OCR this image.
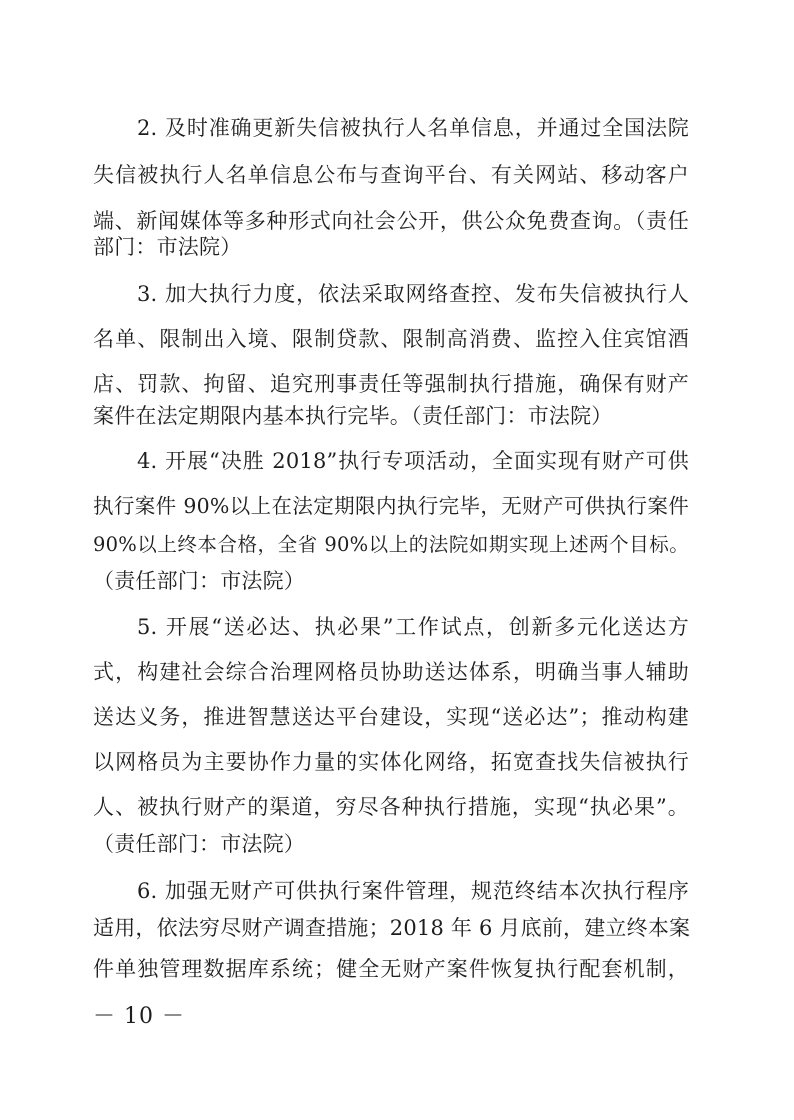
2. 及时准确更新失信被执行人名单信息，并通过全国法院
失信被执行人名单信息公布与查询平台、有关网站、移动客户
端、新闻媒体等多种形式向社会公开，供公众免费查询。（责任
部门：市法院）
3. 加大执行力度，依法采取网络查控、发布失信被执行人
名单、限制出入境、限制贷款、限制高消费、监控入住宾馆酒
店、罚款、拘留、追究刑事责任等强制执行措施，确保有财产
案件在法定期限内基本执行完毕。（责任部门：市法院）
4. 开展“决胜 2018”执行专项活动，全面实现有财产可供
执行案件 90%以上在法定期限内执行完毕，无财产可供执行案件
90%以上终本合格，全省 90%以上的法院如期实现上述两个目标。
（责任部门：市法院）
5. 开展“送必达、执必果”工作试点，创新多元化送达方
式，构建社会综合治理网格员协助送达体系，明确当事人辅助
送达义务，推进智慧送达平台建设，实现“送必达”；推动构建
以网格员为主要协作力量的实体化网络，拓宽查找失信被执行
人、被执行财产的渠道，穷尽各种执行措施，实现“执必果”。
（责任部门：市法院）
6. 加强无财产可供执行案件管理，规范终结本次执行程序
适用，依法穷尽财产调查措施；2018 年 6 月底前，建立终本案
件单独管理数据库系统；健全无财产案件恢复执行配套机制，
－ 10 －
